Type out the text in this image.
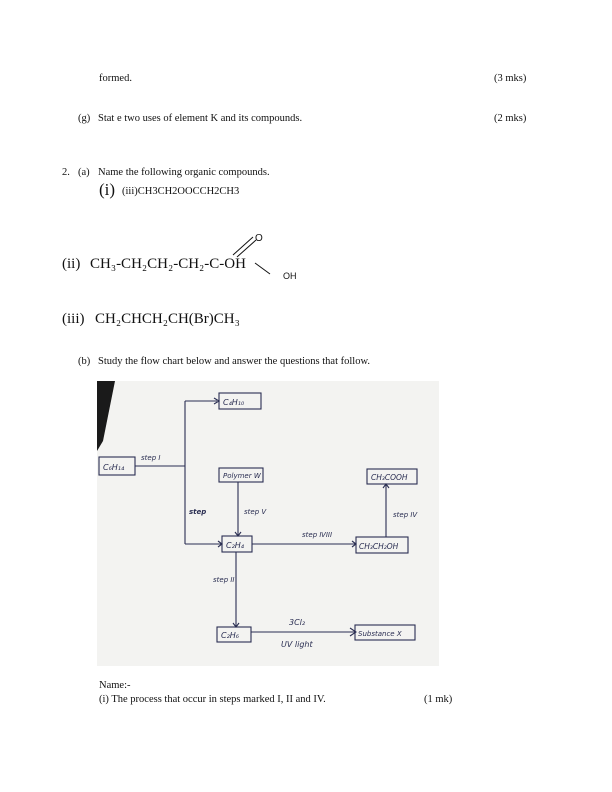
formed.	(3 mks)
(g) Stat e two uses of element K and its compounds.	(2 mks)
2. (a) Name the following organic compounds.
(i) (iii)CH3CH2OOCCH2CH3
(ii) CH₃-CH₂CH₂-CH₂-C-OH
O
OH
(iii) CH₂CHCH₂CH(Br)CH₃
(b) Study the flow chart below and answer the questions that follow.
C₆H₁₄
step I
C₄H₁₀
step
Polymer W
step V
C₂H₄
step ⅣIII
CH₃CH₂OH
step IV
CH₃COOH
step II
C₂H₆
3Cl₂
UV light
Substance X
Name:-
(i) The process that occur in steps marked I, II and IV.	(1 mk)
